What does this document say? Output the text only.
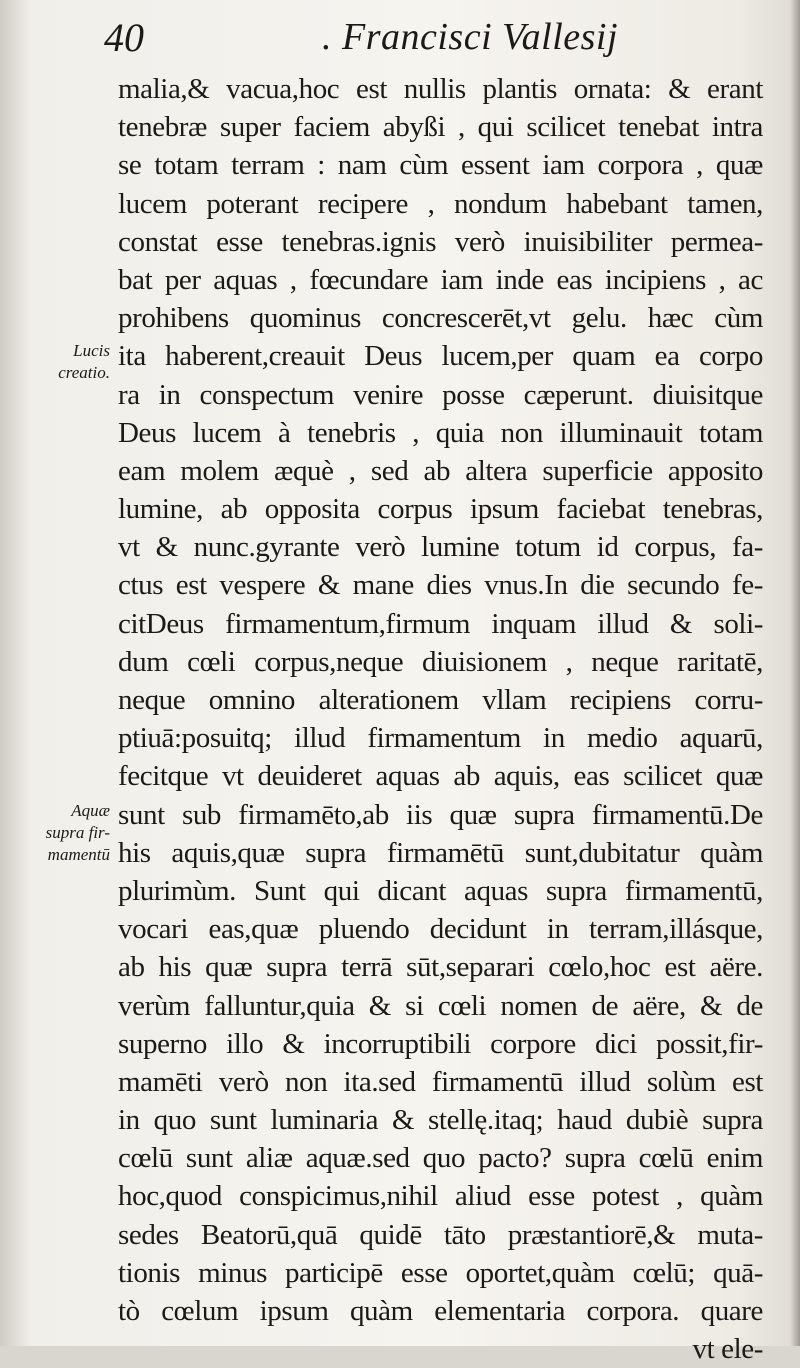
40	. Francisci Vallesij
Lucis
creatio.
Aquæ
supra fir-
mamentū
malia,& vacua,hoc est nullis plantis ornata: & erant
tenebræ super faciem abyßi , qui scilicet tenebat intra
se totam terram : nam cùm essent iam corpora , quæ
lucem poterant recipere , nondum habebant tamen,
constat esse tenebras.ignis verò inuisibiliter permea-
bat per aquas , fœcundare iam inde eas incipiens , ac
prohibens quominus concrescerēt,vt gelu. hæc cùm
ita haberent,creauit Deus lucem,per quam ea corpo
ra in conspectum venire posse cæperunt. diuisitque
Deus lucem à tenebris , quia non illuminauit totam
eam molem æquè , sed ab altera superficie apposito
lumine, ab opposita corpus ipsum faciebat tenebras,
vt & nunc.gyrante verò lumine totum id corpus, fa-
ctus est vespere & mane dies vnus.In die secundo fe-
citDeus firmamentum,firmum inquam illud & soli-
dum cœli corpus,neque diuisionem , neque raritatē,
neque omnino alterationem vllam recipiens corru-
ptiuā:posuitq; illud firmamentum in medio aquarū,
fecitque vt deuideret aquas ab aquis, eas scilicet quæ
sunt sub firmamēto,ab iis quæ supra firmamentū.De
his aquis,quæ supra firmamētū sunt,dubitatur quàm
plurimùm. Sunt qui dicant aquas supra firmamentū,
vocari eas,quæ pluendo decidunt in terram,illásque,
ab his quæ supra terrā sūt,separari cœlo,hoc est aëre.
verùm falluntur,quia & si cœli nomen de aëre, & de
superno illo & incorruptibili corpore dici possit,fir-
mamēti verò non ita.sed firmamentū illud solùm est
in quo sunt luminaria & stellę.itaq; haud dubiè supra
cœlū sunt aliæ aquæ.sed quo pacto? supra cœlū enim
hoc,quod conspicimus,nihil aliud esse potest , quàm
sedes Beatorū,quā quidē tāto præstantiorē,& muta-
tionis minus participē esse oportet,quàm cœlū; quā-
tò cœlum ipsum quàm elementaria corpora. quare
vt ele-
